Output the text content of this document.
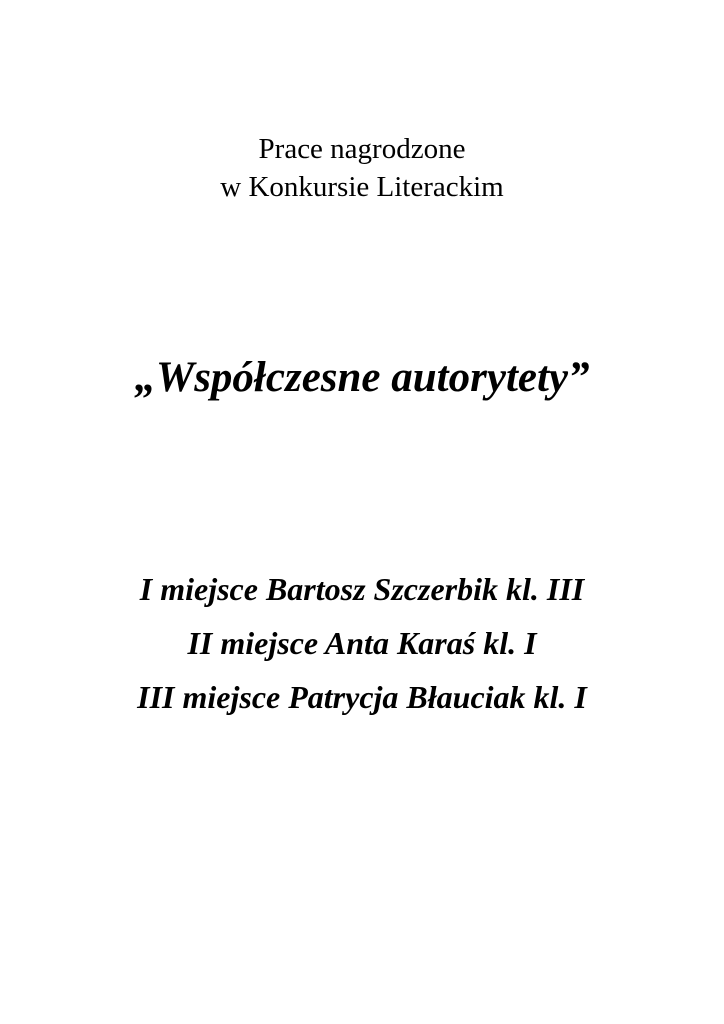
Prace nagrodzone
w Konkursie Literackim
„Współczesne autorytety”
I miejsce Bartosz Szczerbik kl. III
II miejsce Anta Karaś kl. I
III miejsce Patrycja Błauciak kl. I
